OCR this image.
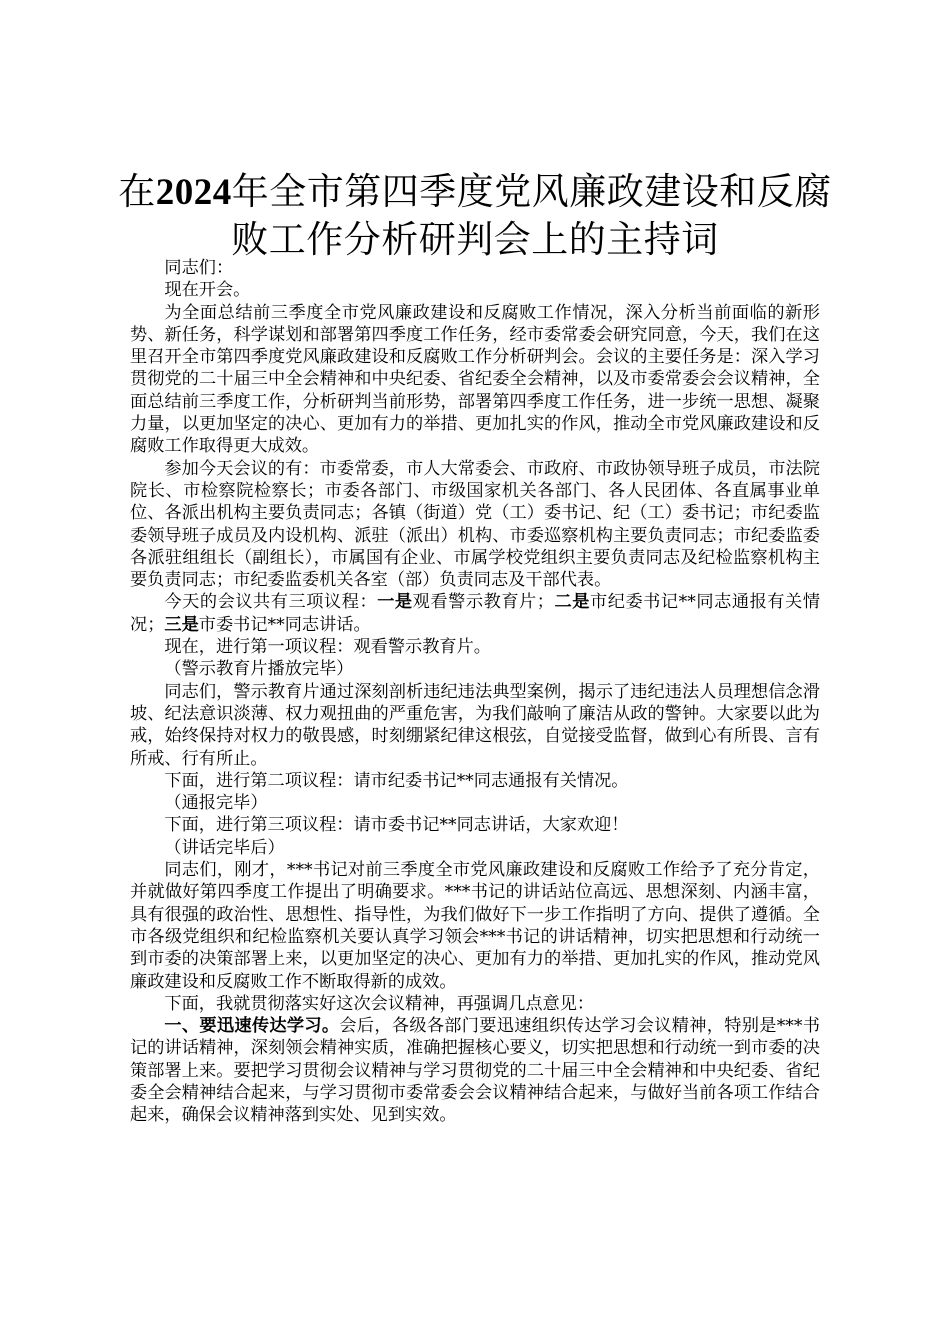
在2024年全市第四季度党风廉政建设和反腐
败工作分析研判会上的主持词

同志们：

现在开会。

为全面总结前三季度全市党风廉政建设和反腐败工作情况，深入分析当前面临的新形势、新任务，科学谋划和部署第四季度工作任务，经市委常委会研究同意，今天，我们在这里召开全市第四季度党风廉政建设和反腐败工作分析研判会。会议的主要任务是：深入学习贯彻党的二十届三中全会精神和中央纪委、省纪委全会精神，以及市委常委会会议精神，全面总结前三季度工作，分析研判当前形势，部署第四季度工作任务，进一步统一思想、凝聚力量，以更加坚定的决心、更加有力的举措、更加扎实的作风，推动全市党风廉政建设和反腐败工作取得更大成效。

参加今天会议的有：市委常委，市人大常委会、市政府、市政协领导班子成员，市法院院长、市检察院检察长；市委各部门、市级国家机关各部门、各人民团体、各直属事业单位、各派出机构主要负责同志；各镇（街道）党（工）委书记、纪（工）委书记；市纪委监委领导班子成员及内设机构、派驻（派出）机构、市委巡察机构主要负责同志；市纪委监委各派驻组组长（副组长），市属国有企业、市属学校党组织主要负责同志及纪检监察机构主要负责同志；市纪委监委机关各室（部）负责同志及干部代表。

今天的会议共有三项议程：一是观看警示教育片；二是市纪委书记**同志通报有关情况；三是市委书记**同志讲话。

现在，进行第一项议程：观看警示教育片。

（警示教育片播放完毕）

同志们，警示教育片通过深刻剖析违纪违法典型案例，揭示了违纪违法人员理想信念滑坡、纪法意识淡薄、权力观扭曲的严重危害，为我们敲响了廉洁从政的警钟。大家要以此为戒，始终保持对权力的敬畏感，时刻绷紧纪律这根弦，自觉接受监督，做到心有所畏、言有所戒、行有所止。

下面，进行第二项议程：请市纪委书记**同志通报有关情况。

（通报完毕）

下面，进行第三项议程：请市委书记**同志讲话，大家欢迎！

（讲话完毕后）

同志们，刚才，***书记对前三季度全市党风廉政建设和反腐败工作给予了充分肯定，并就做好第四季度工作提出了明确要求。***书记的讲话站位高远、思想深刻、内涵丰富，具有很强的政治性、思想性、指导性，为我们做好下一步工作指明了方向、提供了遵循。全市各级党组织和纪检监察机关要认真学习领会***书记的讲话精神，切实把思想和行动统一到市委的决策部署上来，以更加坚定的决心、更加有力的举措、更加扎实的作风，推动党风廉政建设和反腐败工作不断取得新的成效。

下面，我就贯彻落实好这次会议精神，再强调几点意见：

一、要迅速传达学习。会后，各级各部门要迅速组织传达学习会议精神，特别是***书记的讲话精神，深刻领会精神实质，准确把握核心要义，切实把思想和行动统一到市委的决策部署上来。要把学习贯彻会议精神与学习贯彻党的二十届三中全会精神和中央纪委、省纪委全会精神结合起来，与学习贯彻市委常委会会议精神结合起来，与做好当前各项工作结合起来，确保会议精神落到实处、见到实效。
